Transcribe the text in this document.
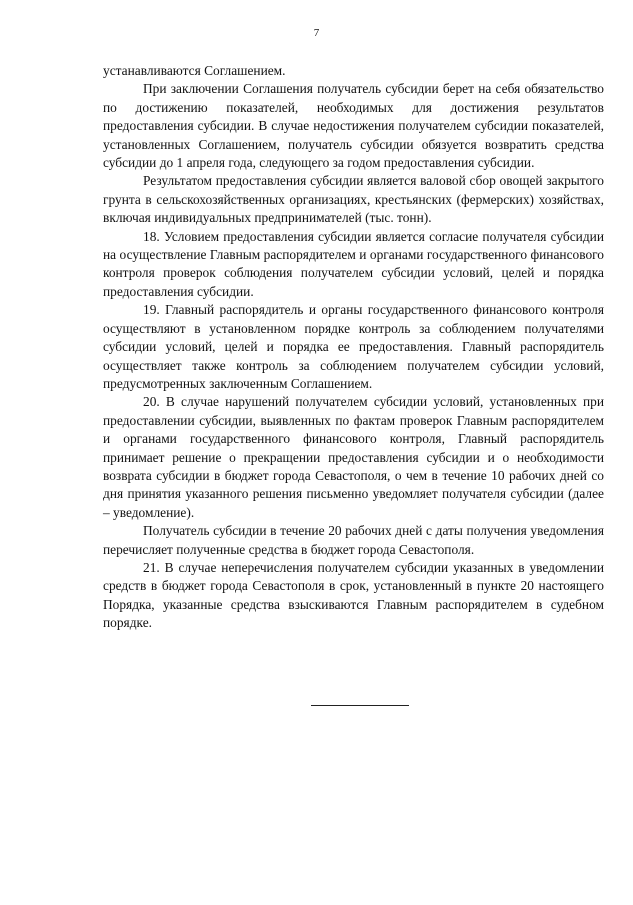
7

устанавливаются Соглашением.

При заключении Соглашения получатель субсидии берет на себя обязательство по достижению показателей, необходимых для достижения результатов предоставления субсидии. В случае недостижения получателем субсидии показателей, установленных Соглашением, получатель субсидии обязуется возвратить средства субсидии до 1 апреля года, следующего за годом предоставления субсидии.

Результатом предоставления субсидии является валовой сбор овощей закрытого грунта в сельскохозяйственных организациях, крестьянских (фермерских) хозяйствах, включая индивидуальных предпринимателей (тыс. тонн).

18. Условием предоставления субсидии является согласие получателя субсидии на осуществление Главным распорядителем и органами государственного финансового контроля проверок соблюдения получателем субсидии условий, целей и порядка предоставления субсидии.

19. Главный распорядитель и органы государственного финансового контроля осуществляют в установленном порядке контроль за соблюдением получателями субсидии условий, целей и порядка ее предоставления. Главный распорядитель осуществляет также контроль за соблюдением получателем субсидии условий, предусмотренных заключенным Соглашением.

20. В случае нарушений получателем субсидии условий, установленных при предоставлении субсидии, выявленных по фактам проверок Главным распорядителем и органами государственного финансового контроля, Главный распорядитель принимает решение о прекращении предоставления субсидии и о необходимости возврата субсидии в бюджет города Севастополя, о чем в течение 10 рабочих дней со дня принятия указанного решения письменно уведомляет получателя субсидии (далее – уведомление).

Получатель субсидии в течение 20 рабочих дней с даты получения уведомления перечисляет полученные средства в бюджет города Севастополя.

21. В случае неперечисления получателем субсидии указанных в уведомлении средств в бюджет города Севастополя в срок, установленный в пункте 20 настоящего Порядка, указанные средства взыскиваются Главным распорядителем в судебном порядке.
